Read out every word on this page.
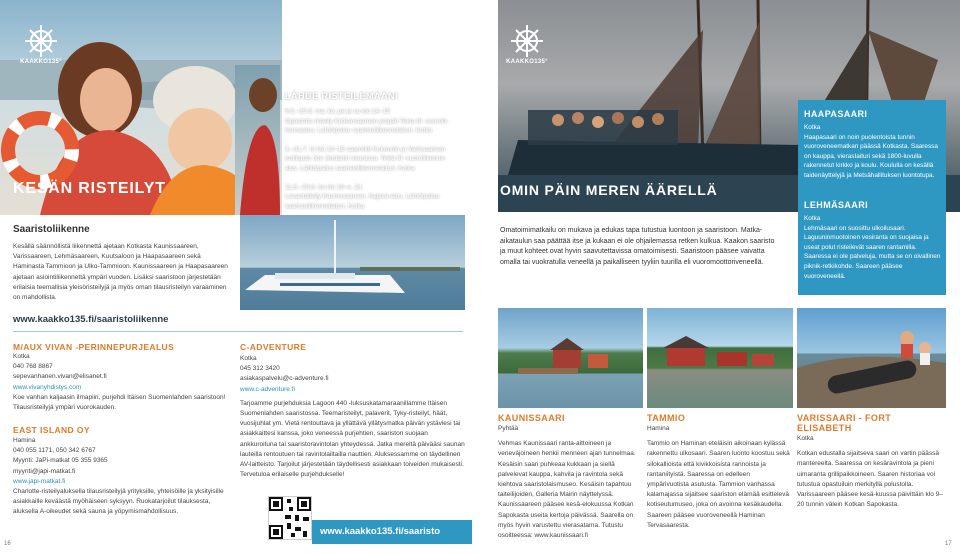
KAAKKO135°
KESÄN RISTEILYT
LÄHDE RISTEILEMÄÄN!
6.6.–15.8. ma, ke, pe ja su klo 14–15
Opastettu risteily Kotkansaareen ympäri Tekla III -vuoroili-
kennealus. Lähtö/paluu saaristoliikennelaituri, Kotka
3.–31.7. to klo 13–15 saarreitti Kukouriin ja Varissaareen
rooliopas Joe Jordanin seurassa. Tekla III -vuoroliikenne-
alus. Lähtö/paluu saaristoliikennelaituri, Kotka
11.6.–20.8. ke klo 19–n. 24.
Lauantaiteily Kaunissaareen. Kajava-alus. Lähtö/paluu
saaristoliikennelaituri, Kotka
Saaristoliikenne
Kesällä säännöllistä liikennettä ajetaan Kotkasta Kaunissaareen, Varissaareen, Lehmäsaareen, Kuutsaloon ja Haapasaareen sekä Haminasta Tammioon ja Ulko-Tammioon. Kaunissaareen ja Haapasaareen ajetaan asiointiliikennettä ympäri vuoden. Lisäksi saaristoon järjestetään erilaisia teemallisia yleisöristeilyjä ja myös oman tilausristeilyn varaaminen on mahdollista.
www.kaakko135.fi/saaristoliikenne
M/AUX VIVAN -PERINNEPURJEALUS
Kotka
040 768 8867
sepevanhanen.vivan@elisanet.fi
www.vivanyhdistys.com
Koe vanhan kaljaasin ilmapiiri, purjehdi Itäisen Suomenlahden saaristoon! Tilausristeilyjä ympäri vuorokauden.
EAST ISLAND OY
Hamina
040 055 1171, 050 342 6767
Myynti: JaPi-matkat 05 355 9365
myynti@japi-matkat.fi
www.japi-matkat.fi
Charlotte-risteilyaluksella tilausristeilyjä yrityksille, yhteisöille ja yksityisille asiakkaille keväästä myöhäiseen syksyyn. Ruokatarjoilut tilauksesta, aluksella A-oikeudet sekä sauna ja yöpymismahdollisuus.
C-ADVENTURE
Kotka
045 312 3420
asiakaspalvelu@c-adventure.fi
www.c-adventure.fi
Tarjoamme purjehduksia Lagoon 440 -luksuskatamaraanillamme Itäisen Suomenlahden saaristossa. Teemaristeilyt, palaverit, Tyky-risteilyt, häät, vuosijuhlat ym. Vietä rentouttava ja yllättävä yllätysmatka päivän ystäviesi tai asiakkaittesi kanssa, joko veneessä purjehtien, saariston suojaan ankkuroituna tai saaristoravintolan yhteydessä. Jatka mereltä päivääsi saunan lauteilla rentoutuen tai ravintolailtailla nauttien. Aluksessamme on täydellinen AV-laitteisto. Tarjoilut järjestetään täydellisesti asiakkaan toiveiden mukaisesti. Tervetuloa erilaiselle purjehdukselle!
www.kaakko135.fi/saaristo
16
KAAKKO135°
OMIN PÄIN MEREN ÄÄRELLÄ
HAAPASAARI
Kotka
Haapasaari on noin puolentoista tunnin vuoroveneematkan päässä Kotkasta. Saaressa on kauppa, vierasIaituri sekä 1800-luvulla rakennetut kirkko ja koulu. Koululla on kesällä taidenäyttelyjä ja Metsähallituksen luontotupa.
LEHMÄSAARI
Kotka
Lehmäsaari on suosittu ulkoilusaari. Laguuninmuotoinen vesiranta on suojaisa ja useat polut risteilevät saaren rantamilla. Saaressa ei ole palveluja, mutta se on oivallinen piknik-retkikohde. Saareen pääsee vuoroveneellä.
Omatoimimatkailu on mukava ja edukas tapa tutustua luontoon ja saaristoon. Matka-aikataulun saa päättää itse ja kukaan ei ole ohjailemassa retken kulkua. Kaakon saaristo ja muut kohteet ovat hyvin saavutettavissa omatoimisesti. Saaristoon pääsee vaivatta omalla tai vuokratulla veneellä ja paikalliseen tyyliin tuurilla eli vuoromoottoriveneellä.
KAUNISSAARI
Pyhtää
Vehmas Kaunissaari ranta-aittoineen ja veneväjoineen henkii menneen ajan tunnelmaa. Kesäisin saari puhkeaa kukkaan ja siellä palvelevat kauppa, kahvila ja ravintola sekä kiehtova saaristolaismuseo. Kesäisin tapahtuu taiteilijoiden, Galleria Mairin näyttelyssä. Kaunissaareen pääsee kesä-elokuussa Kotkan Sapokasta useita kertoja päivässä. Saarella on myös hyvin varustettu vierasatama. Tutustu osoitteessa: www.kaunissaari.fi
TAMMIO
Hamina
Tammio on Haminan eteläisin aikoinaan kylässä rakennettu ulkosaari. Saaren luonto koostuu sekä silokallioista että kivikkoisista rannoista ja rantaniityistä. Saaressa on edelleen ympärivuotista asutusta. Tammion vanhassa kalamajassa sijaitsee saariston elämää esittelevä kotiseutumuseo, joka on avoinna kesäkaudella. Saareen pääsee vuoroveneellä Haminan Tervasaaresta.
VARISSAARI - FORT ELISABETH
Kotka
Kotkan edustalla sijaitseva saari on vartin päässä mantereelta. Saaressa on kesäravintola ja pieni uimaranta grillipaikkoineen. Saaren historiaa voi tutustua opastuiluin merkityllä polustolla. Varissaareen pääsee kesä-kuussa päivittäin klo 9–20 tunnin välein Kotkan Sapokasta.
17
